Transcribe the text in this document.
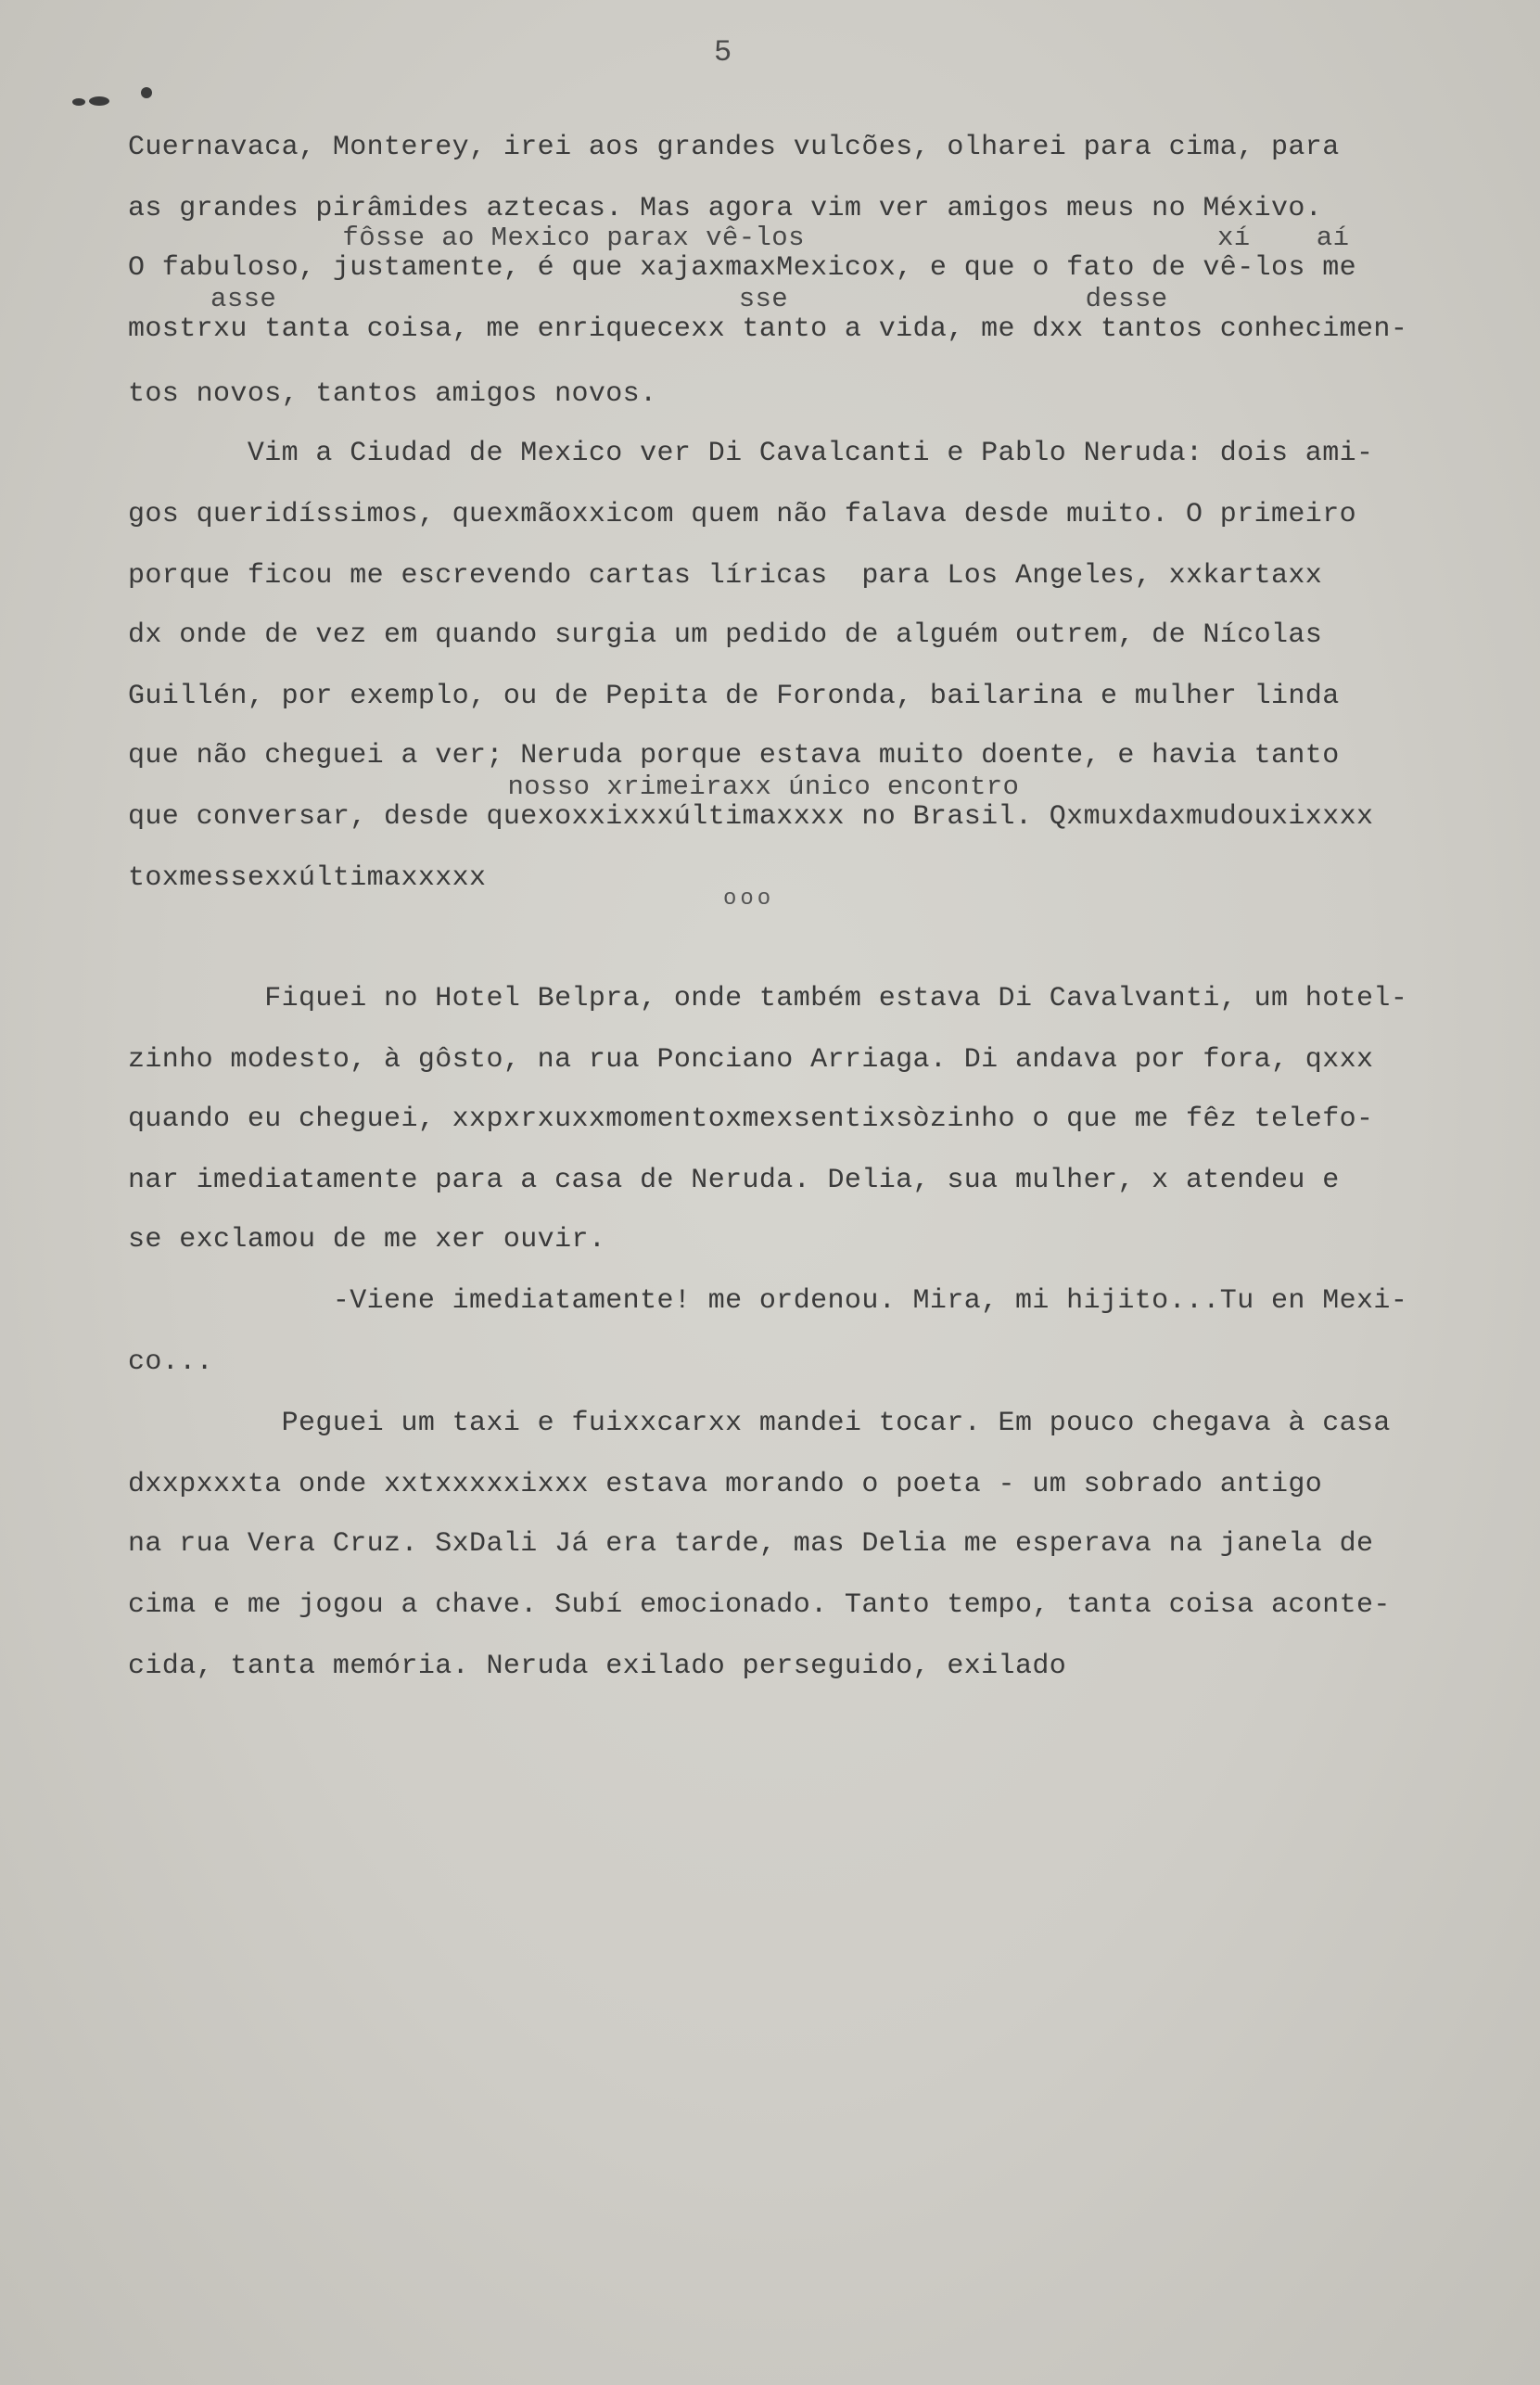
5
Cuernavaca, Monterey, irei aos grandes vulcões, olharei para cima, para
as grandes pirâmides aztecas. Mas agora vim ver amigos meus no Méxivo.
fôsse ao Mexico parax vê-los                         xí    aí
O fabuloso, justamente, é que xajaxmaxMexicox, e que o fato de vê-los me
asse                            sse                  desse
mostrxu tanta coisa, me enriquecexx tanto a vida, me dxx tantos conhecimen-
tos novos, tantos amigos novos.
Vim a Ciudad de Mexico ver Di Cavalcanti e Pablo Neruda: dois ami-
gos queridíssimos, quexmãoxxicom quem não falava desde muito. O primeiro
porque ficou me escrevendo cartas líricas  para Los Angeles, xxkartaxx
dx onde de vez em quando surgia um pedido de alguém outrem, de Nícolas
Guillén, por exemplo, ou de Pepita de Foronda, bailarina e mulher linda
que não cheguei a ver; Neruda porque estava muito doente, e havia tanto
nosso xrimeiraxx único encontro
que conversar, desde quexoxxixxxúltimaxxxx no Brasil. Qxmuxdaxmudouxixxxx
toxmessexxúltimaxxxxx
Fiquei no Hotel Belpra, onde também estava Di Cavalvanti, um hotel-
zinho modesto, à gôsto, na rua Ponciano Arriaga. Di andava por fora, qxxx
quando eu cheguei, xxpxrxuxxmomentoxmexsentixsòzinho o que me fêz telefo-
nar imediatamente para a casa de Neruda. Delia, sua mulher, x atendeu e
se exclamou de me xer ouvir.
-Viene imediatamente! me ordenou. Mira, mi hijito...Tu en Mexi-
co...
Peguei um taxi e fuixxcarxx mandei tocar. Em pouco chegava à casa
dxxpxxxta onde xxtxxxxxixxx estava morando o poeta - um sobrado antigo
na rua Vera Cruz. SxDali Já era tarde, mas Delia me esperava na janela de
cima e me jogou a chave. Subí emocionado. Tanto tempo, tanta coisa aconte-
cida, tanta memória. Neruda exilado perseguido, exilado
ooo
